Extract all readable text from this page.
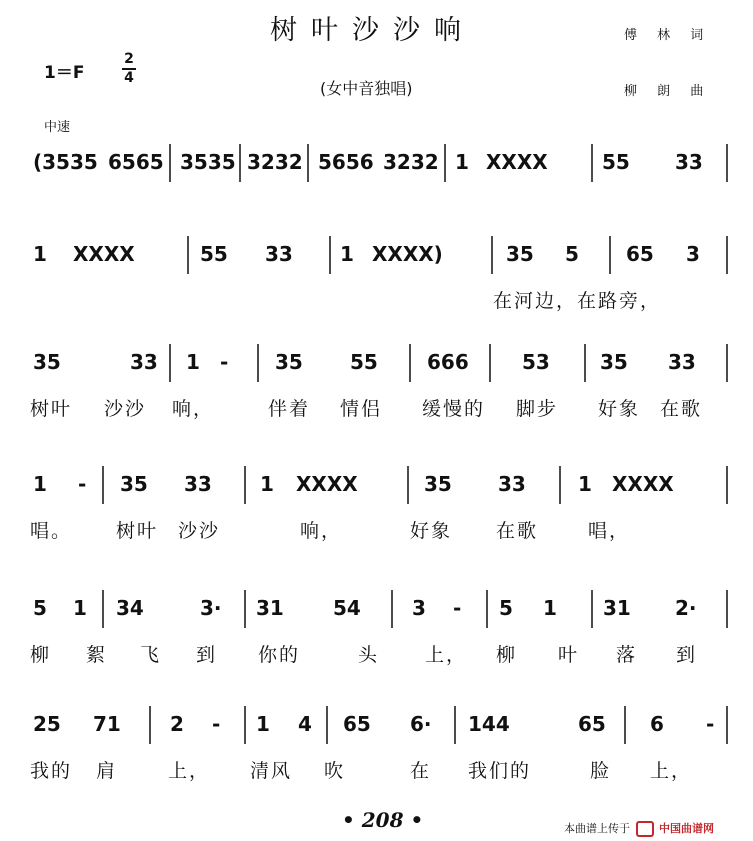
树叶沙沙响
1＝F
2
4
(女中音独唱)
傅 林 词
柳 朗 曲
中速
(3535 6565 3535 3232 5656 3232 1 XXXX	55 33
1 XXXX	55 33 1 XXXX)	35 5 65 3
在河边，在路旁，
35	33 1 - 35 55 666	53	35 33
树叶 沙沙 响，	伴着 情侣 缓慢的 脚步 好象 在歌
1 - 35 33 1 XXXX	35 33	1 XXXX
唱。 树叶 沙沙	响，	好象 在歌	唱，
5 1 34	3· 31 54	3 - 5 1 31 2·
柳 絮 飞 到 你的	头 上， 柳 叶 落 到
25 71 2 - 1 4 65 6· 144	65 6 -
我的 肩	上， 清风 吹	在 我们的	脸 上，
• 208 •	本曲谱上传于	中国曲谱网
